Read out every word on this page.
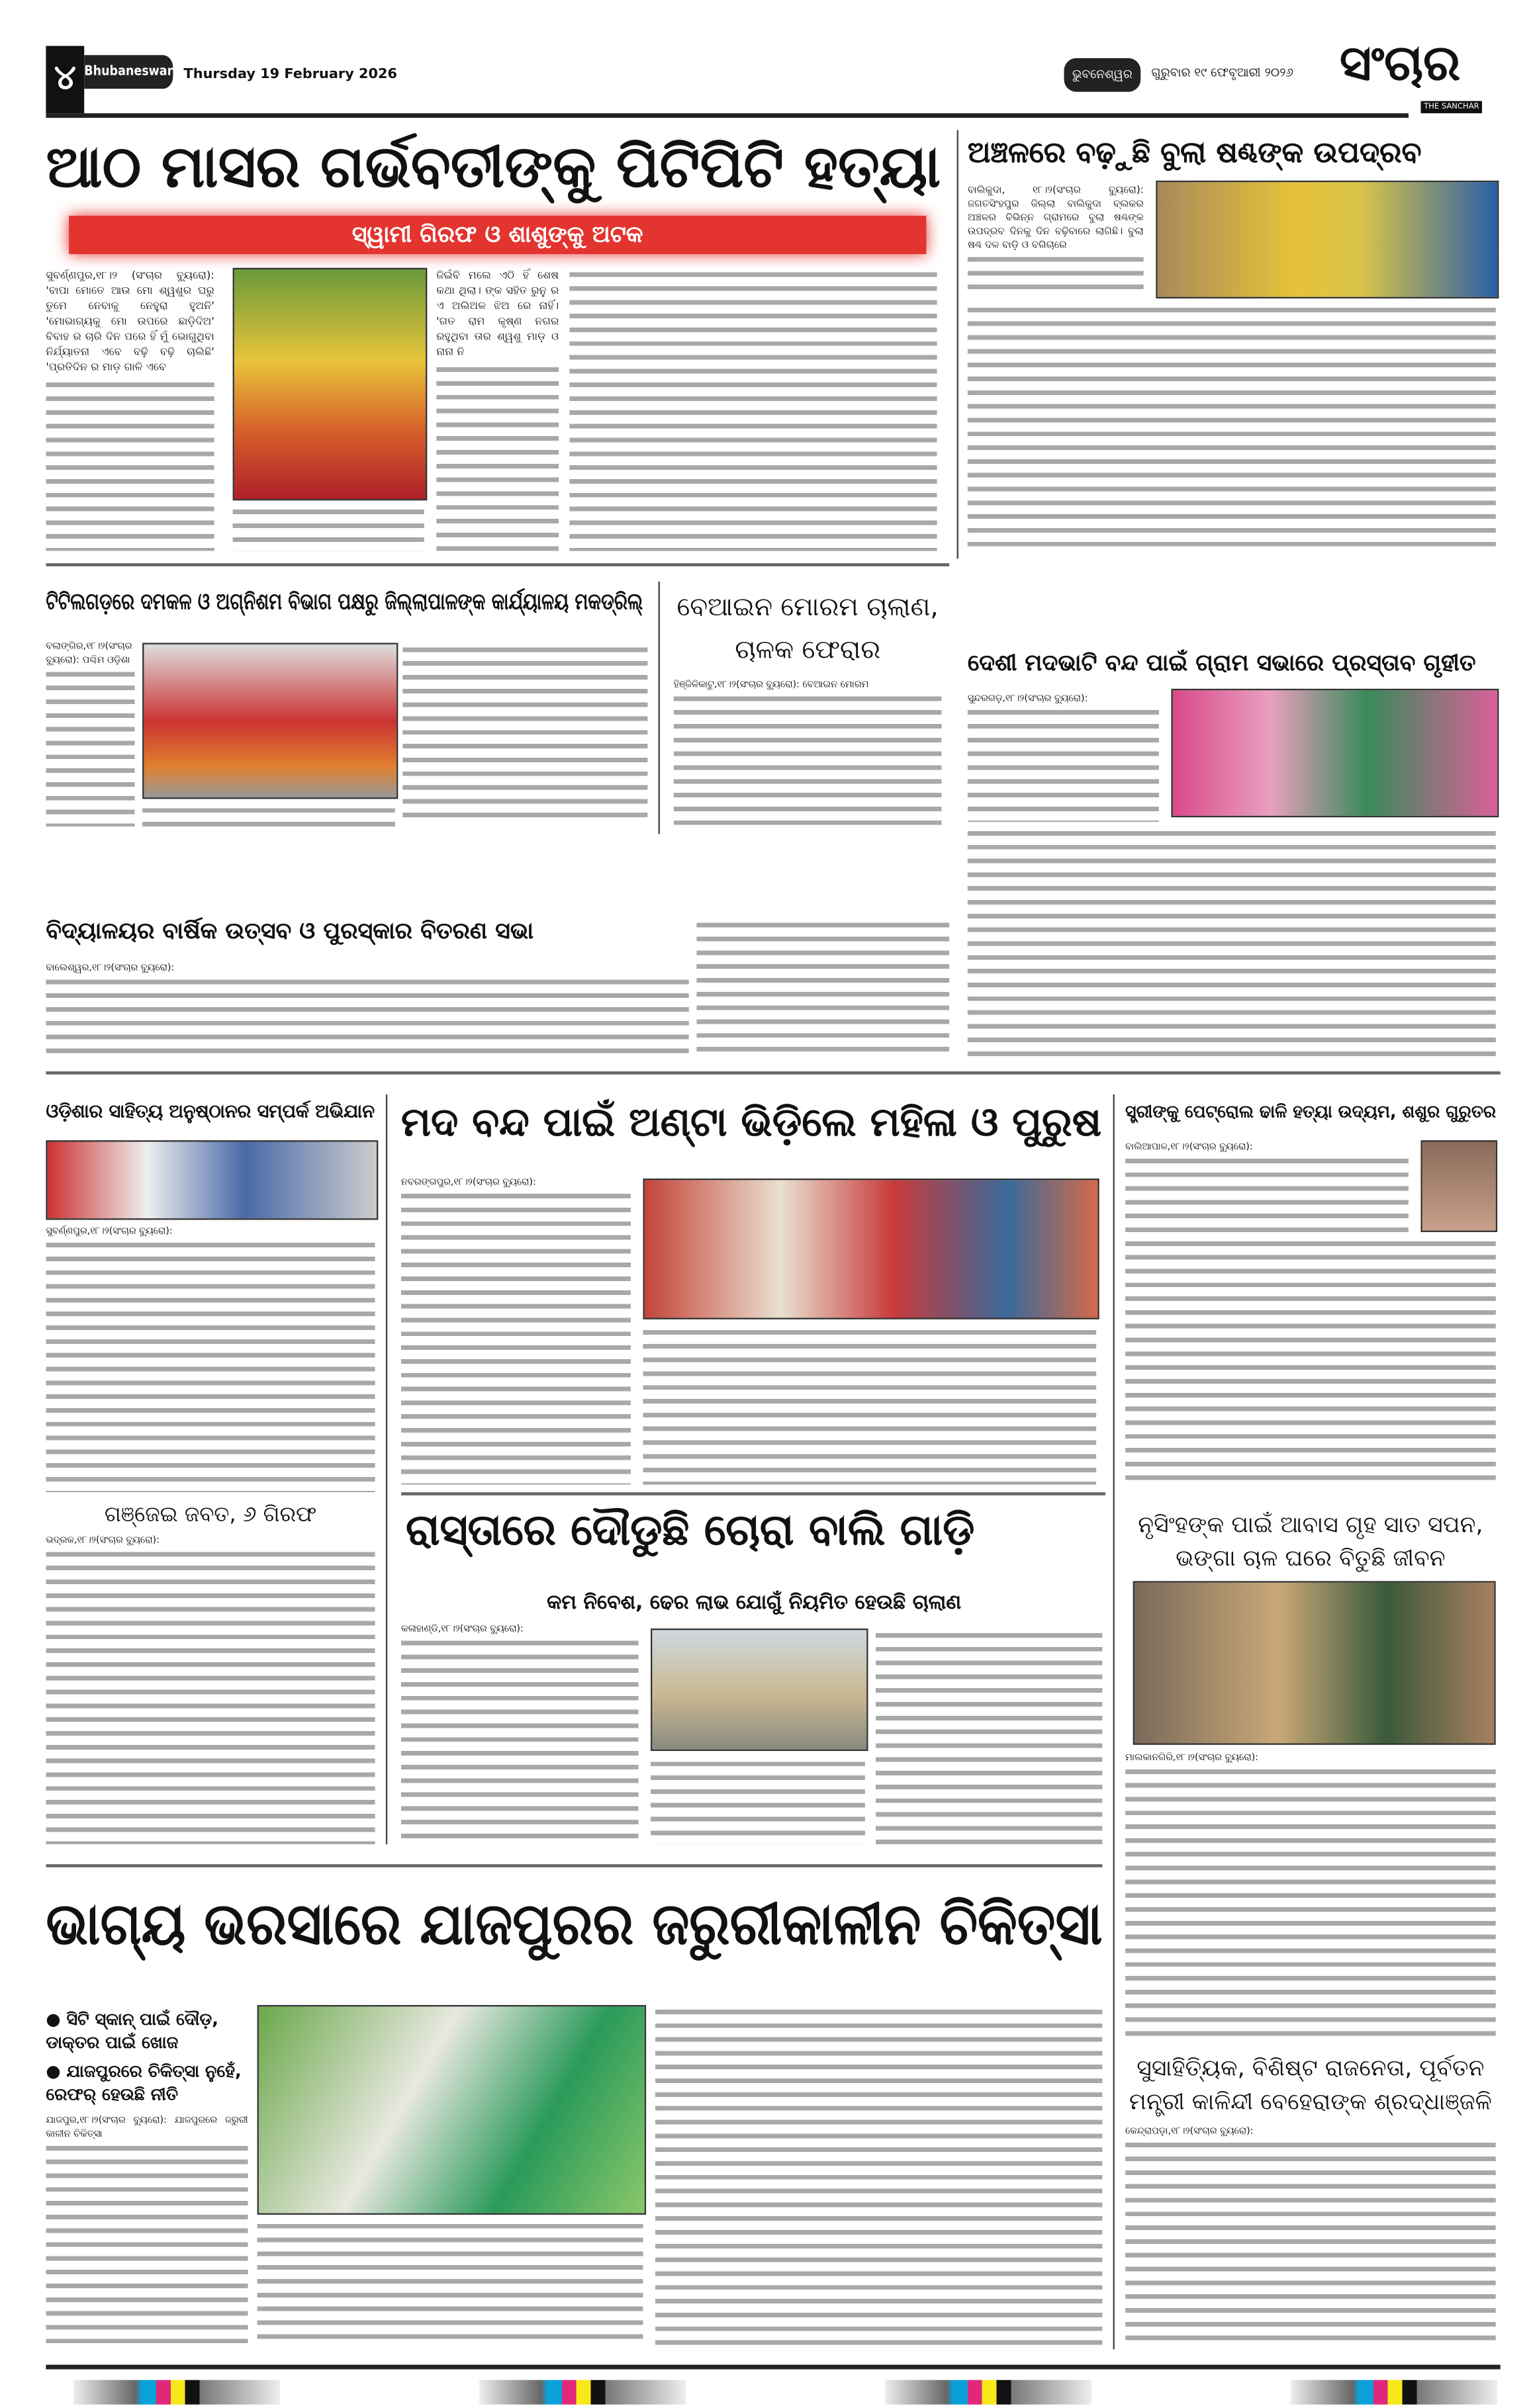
୪	Bhubaneswar Thursday 19 February 2026	ଭୁବନେଶ୍ୱର	ଗୁରୁବାର ୧୯ ଫେବୃଆରୀ ୨୦୨୬	ସଂଚାର
THE SANCHAR
ଆଠ ମାସର ଗର୍ଭବତୀଙ୍କୁ ପିଟିପିଟି ହତ୍ୟା
ସ୍ୱାମୀ ଗିରଫ ଓ ଶାଶୁଙ୍କୁ ଅଟକ
ସୁବର୍ଣ୍ଣପୁର,୧୮।୨ (ସଂଚାର ବ୍ୟୁରୋ): 'ବାପା ମୋତେ ଆଉ ମୋ ଶ୍ୱଶୁର ଘରୁ ତୁମେ ନେବାକୁ ନେହୁରା ହୁଅନି' 'ମୋଭାଗ୍ୟକୁ ମୋ ଉପରେ ଛାଡ଼ିଦିଅ' ବିବାହ ର ଚାରି ଦିନ ପରେ ହିଁ ମୁଁ ଭୋଗୁଥିବା ନିର୍ଯ୍ୟାତନା ଏବେ ବଢ଼ି ବଢ଼ି ଚାଲିଛି' 'ପ୍ରତିଦିନ ର ମାଡ଼ ଗାଳି ଏବେ
ଜିଇଁବି ମଲେ ଏଠି ହିଁ ଶେଷ କଥା ଥିଲା। ଙ୍କ ସହିତ ରୁନୁ ର ଏ ଅଲିଅଳ ଝିଅ ରେ ନାହିଁ। 'ଗତ ରାମ କୃଷ୍ଣ ନଗର ରହୁଥିବା ତାର ଶ୍ୱଶୁ ମାଡ଼ ଓ ନାନା ନି
ଅଞ୍ଚଳରେ ବଢ଼ୁଛି ବୁଲା ଷଣ୍ଢଙ୍କ ଉପଦ୍ରବ
ବାଲିକୁଦା, ୧୮।୨(ସଂଚାର ବ୍ୟୁରୋ): ଜଗତସିଂହପୁର ଜିଲ୍ଲା ବାଲିକୁଦା ବ୍ଲକର ଅଞ୍ଚଳର ବିଭିନ୍ନ ଗ୍ରାମରେ ବୁଲା ଷଣ୍ଢଙ୍କ ଉପଦ୍ରବ ଦିନକୁ ଦିନ ବଢ଼ିବାରେ ଲାଗିଛି। ବୁଲା ଷଣ୍ଢ ଦଳ ବାଡ଼ି ଓ ବଗିଚାରେ
ଟିଟିଲଗଡ଼ରେ ଦମକଳ ଓ ଅଗ୍ନିଶମ ବିଭାଗ ପକ୍ଷରୁ ଜିଲ୍ଲାପାଳଙ୍କ କାର୍ଯ୍ୟାଳୟ ମକଡ୍ରିଲ୍
ବଲାଙ୍ଗିର,୧୮।୨(ସଂଚାର ବ୍ୟୁରୋ): ପଶ୍ଚିମ ଓଡ଼ିଶା
ବେଆଇନ ମୋରମ ଚାଲାଣ, ଚାଳକ ଫେରାର
ହିଞ୍ଜିଳିକାଟୁ,୧୮।୨(ସଂଚାର ବ୍ୟୁରୋ): ବେଆଇନ ମୋରମ
ଦେଶୀ ମଦଭାଟି ବନ୍ଦ ପାଇଁ ଗ୍ରାମ ସଭାରେ ପ୍ରସ୍ତାବ ଗୃହୀତ
ସୁନ୍ଦରଗଡ଼,୧୮।୨(ସଂଚାର ବ୍ୟୁରୋ):
ବିଦ୍ୟାଳୟର ବାର୍ଷିକ ଉତ୍ସବ ଓ ପୁରସ୍କାର ବିତରଣ ସଭା
ବାଲେଶ୍ୱର,୧୮।୨(ସଂଚାର ବ୍ୟୁରୋ):
ଓଡ଼ିଶାର ସାହିତ୍ୟ ଅନୁଷ୍ଠାନର ସମ୍ପର୍କ ଅଭିଯାନ
ସୁବର୍ଣ୍ଣପୁର,୧୮।୨(ସଂଚାର ବ୍ୟୁରୋ):
ଗଞ୍ଜେଇ ଜବତ, ୬ ଗିରଫ
ଭଦ୍ରକ,୧୮।୨(ସଂଚାର ବ୍ୟୁରୋ):
ମଦ ବନ୍ଦ ପାଇଁ ଅଣ୍ଟା ଭିଡ଼ିଲେ ମହିଳା ଓ ପୁରୁଷ
ନବରଙ୍ଗପୁର,୧୮।୨(ସଂଚାର ବ୍ୟୁରୋ):
ସ୍ତ୍ରୀଙ୍କୁ ପେଟ୍ରୋଲ ଢାଳି ହତ୍ୟା ଉଦ୍ୟମ, ଶଶୁର ଗୁରୁତର
ବାଲିଆପାଳ,୧୮।୨(ସଂଚାର ବ୍ୟୁରୋ):
ରାସ୍ତାରେ ଦୌଡୁଛି ଚୋରା ବାଲି ଗାଡ଼ି
କମ ନିବେଶ, ଢେର ଲାଭ ଯୋଗୁଁ ନିୟମିତ ହେଉଛି ଚାଲାଣ
କଳାହାଣ୍ଡି,୧୮।୨(ସଂଚାର ବ୍ୟୁରୋ):
ନୃସିଂହଙ୍କ ପାଇଁ ଆବାସ ଗୃହ ସାତ ସପନ, ଭଙ୍ଗା ଚାଳ ଘରେ ବିତୁଛି ଜୀବନ
ମାଲକାନଗିରି,୧୮।୨(ସଂଚାର ବ୍ୟୁରୋ):
ସୁସାହିତ୍ୟିକ, ବିଶିଷ୍ଟ ରାଜନେତା, ପୂର୍ବତନ ମନ୍ତ୍ରୀ କାଳିନ୍ଦୀ ବେହେରାଙ୍କ ଶ୍ରଦ୍ଧାଞ୍ଜଳି
କେନ୍ଦ୍ରାପଡ଼ା,୧୮।୨(ସଂଚାର ବ୍ୟୁରୋ):
ଭାଗ୍ୟ ଭରସାରେ ଯାଜପୁରର ଜରୁରୀକାଳୀନ ଚିକିତ୍ସା
● ସିଟି ସ୍କାନ୍ ପାଇଁ ଦୌଡ଼, ଡାକ୍ତର ପାଇଁ ଖୋଜ
● ଯାଜପୁରରେ ଚିକିତ୍ସା ନୁହେଁ, ରେଫର୍ ହେଉଛି ନୀତି
ଯାଜପୁର,୧୮।୨(ସଂଚାର ବ୍ୟୁରୋ): ଯାଜପୁରରେ ଜରୁରୀ କାଳୀନ ଚିକିତ୍ସା
